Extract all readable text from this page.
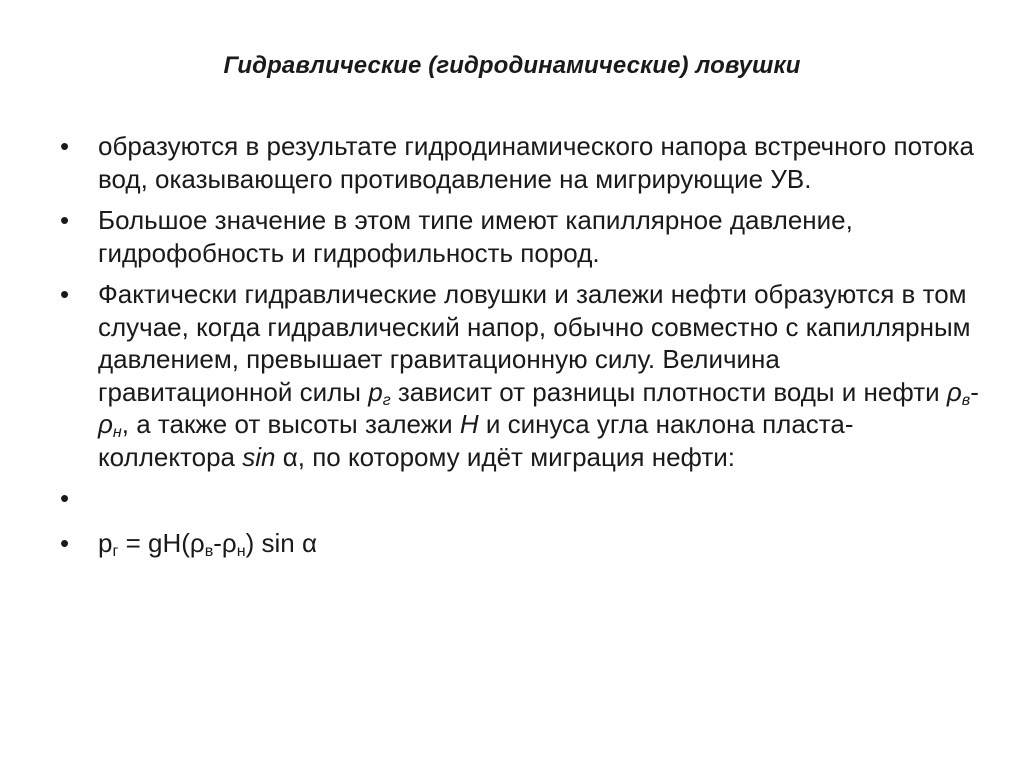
Гидравлические (гидродинамические) ловушки
• образуются в результате гидродинамического напора встречного потока вод, оказывающего противодавление на мигрирующие УВ.
• Большое значение в этом типе имеют капиллярное давление, гидрофобность и гидрофильность пород.
• Фактически гидравлические ловушки и залежи нефти образуются в том случае, когда гидравлический напор, обычно совместно с капиллярным давлением, превышает гравитационную силу. Величина гравитационной силы $р_г$ зависит от разницы плотности воды и нефти $\rho_в-\rho_н$, а также от высоты залежи Н и синуса угла наклона пласта-коллектора sin α, по которому идёт миграция нефти:
•
• $р_г = gH(\rho_в-\rho_н)$ sin α
